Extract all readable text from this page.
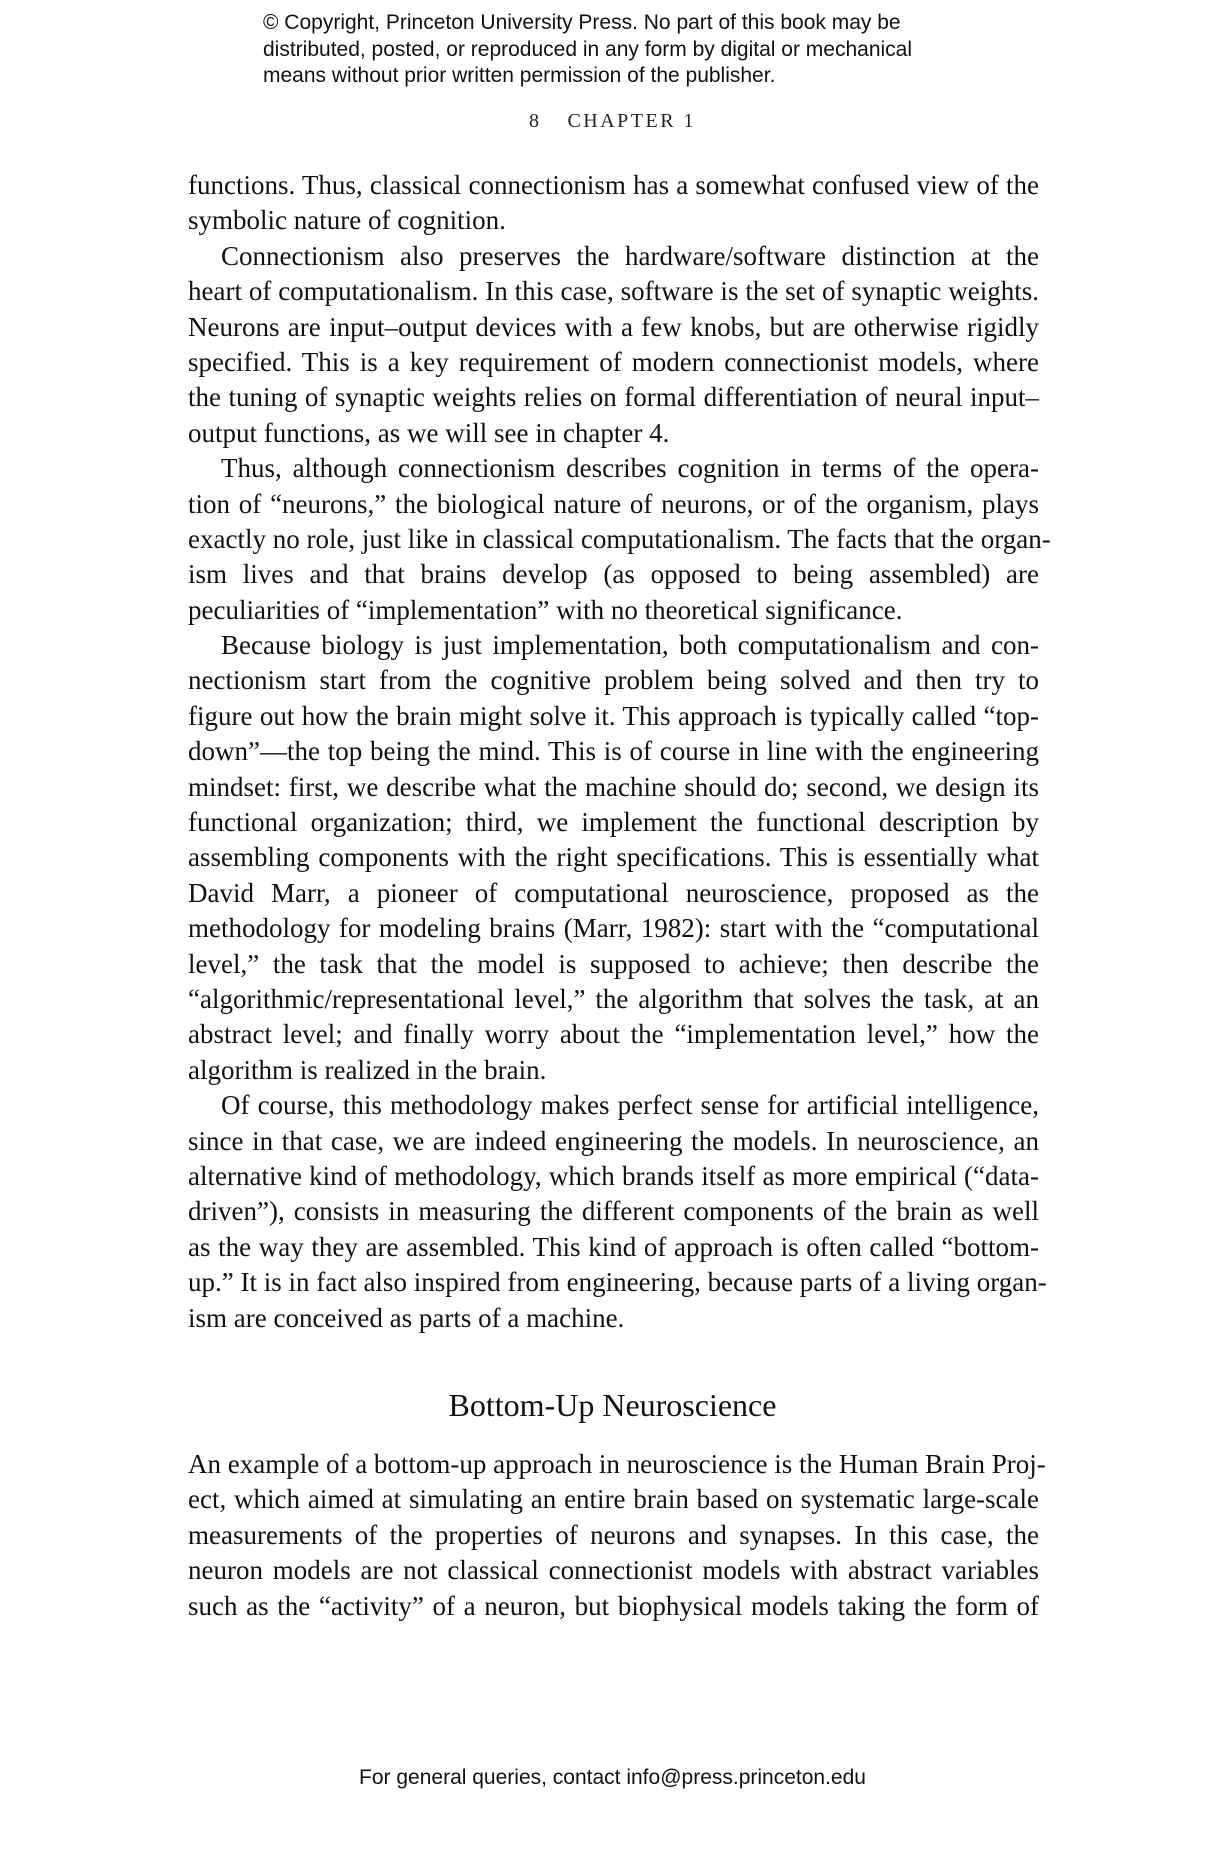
© Copyright, Princeton University Press. No part of this book may be
distributed, posted, or reproduced in any form by digital or mechanical
means without prior written permission of the publisher.
8 CHAPTER 1
functions. Thus, classical connectionism has a somewhat confused view of the
symbolic nature of cognition.
Connectionism also preserves the hardware/software distinction at the
heart of computationalism. In this case, software is the set of synaptic weights.
Neurons are input–output devices with a few knobs, but are otherwise rigidly
specified. This is a key requirement of modern connectionist models, where
the tuning of synaptic weights relies on formal differentiation of neural input–
output functions, as we will see in chapter 4.
Thus, although connectionism describes cognition in terms of the opera-
tion of “neurons,” the biological nature of neurons, or of the organism, plays
exactly no role, just like in classical computationalism. The facts that the organ-
ism lives and that brains develop (as opposed to being assembled) are
peculiarities of “implementation” with no theoretical significance.
Because biology is just implementation, both computationalism and con-
nectionism start from the cognitive problem being solved and then try to
figure out how the brain might solve it. This approach is typically called “top-
down”—the top being the mind. This is of course in line with the engineering
mindset: first, we describe what the machine should do; second, we design its
functional organization; third, we implement the functional description by
assembling components with the right specifications. This is essentially what
David Marr, a pioneer of computational neuroscience, proposed as the
methodology for modeling brains (Marr, 1982): start with the “computational
level,” the task that the model is supposed to achieve; then describe the
“algorithmic/representational level,” the algorithm that solves the task, at an
abstract level; and finally worry about the “implementation level,” how the
algorithm is realized in the brain.
Of course, this methodology makes perfect sense for artificial intelligence,
since in that case, we are indeed engineering the models. In neuroscience, an
alternative kind of methodology, which brands itself as more empirical (“data-
driven”), consists in measuring the different components of the brain as well
as the way they are assembled. This kind of approach is often called “bottom-
up.” It is in fact also inspired from engineering, because parts of a living organ-
ism are conceived as parts of a machine.
Bottom-Up Neuroscience
An example of a bottom-up approach in neuroscience is the Human Brain Proj-
ect, which aimed at simulating an entire brain based on systematic large-scale
measurements of the properties of neurons and synapses. In this case, the
neuron models are not classical connectionist models with abstract variables
such as the “activity” of a neuron, but biophysical models taking the form of
For general queries, contact info@press.princeton.edu
